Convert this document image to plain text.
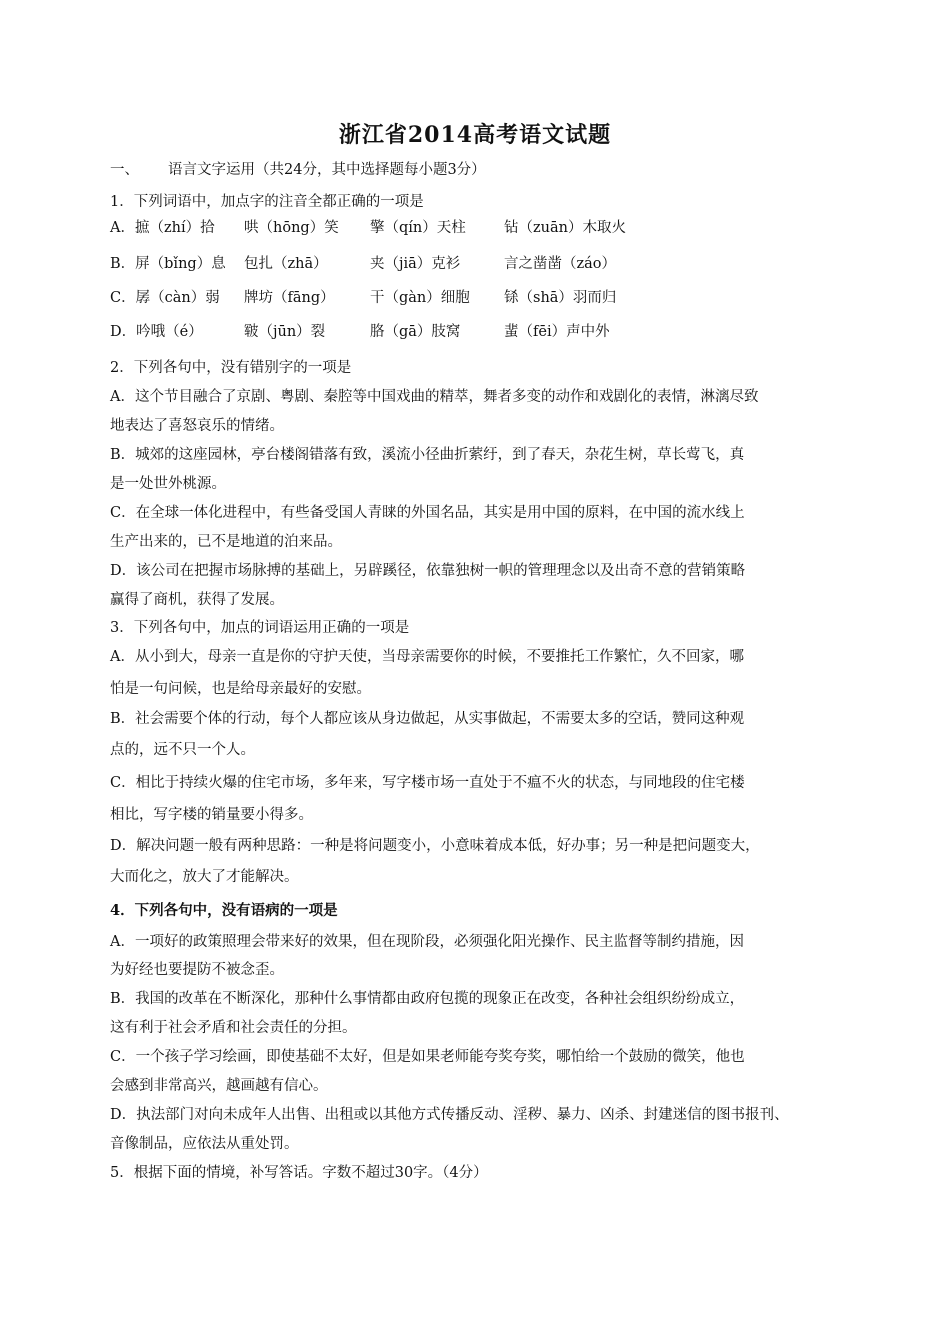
浙江省2014高考语文试题
一、 语言文字运用（共24分，其中选择题每小题3分）
1．下列词语中，加点字的注音全都正确的一项是
A．摭（zhí）拾 哄（hōng）笑 擎（qín）天柱	钻（zuān）木取火
B．屏（bǐng）息 包扎（zhā）	夹（jiā）克衫	言之凿凿（záo）
C．孱（càn）弱 牌坊（fāng） 干（gàn）细胞 铩（shā）羽而归
D．吟哦（é）	皲（jūn）裂	胳（gā）肢窝	蜚（fēi）声中外
2．下列各句中，没有错别字的一项是
A．这个节目融合了京剧、粤剧、秦腔等中国戏曲的精萃，舞者多变的动作和戏剧化的表情，淋漓尽致
地表达了喜怒哀乐的情绪。
B．城郊的这座园林，亭台楼阁错落有致，溪流小径曲折萦纡，到了春天，杂花生树，草长莺飞，真
是一处世外桃源。
C．在全球一体化进程中，有些备受国人青睐的外国名品，其实是用中国的原料，在中国的流水线上
生产出来的，已不是地道的泊来品。
D．该公司在把握市场脉搏的基础上，另辟蹊径，依靠独树一帜的管理理念以及出奇不意的营销策略
赢得了商机，获得了发展。
3．下列各句中，加点的词语运用正确的一项是
A．从小到大，母亲一直是你的守护天使，当母亲需要你的时候，不要推托工作繁忙，久不回家，哪
怕是一句问候，也是给母亲最好的安慰。
B．社会需要个体的行动，每个人都应该从身边做起，从实事做起，不需要太多的空话，赞同这种观
点的，远不只一个人。
C．相比于持续火爆的住宅市场，多年来，写字楼市场一直处于不瘟不火的状态，与同地段的住宅楼
相比，写字楼的销量要小得多。
D．解决问题一般有两种思路：一种是将问题变小，小意味着成本低，好办事；另一种是把问题变大，
大而化之，放大了才能解决。
4．下列各句中，没有语病的一项是
A．一项好的政策照理会带来好的效果，但在现阶段，必须强化阳光操作、民主监督等制约措施，因
为好经也要提防不被念歪。
B．我国的改革在不断深化，那种什么事情都由政府包揽的现象正在改变，各种社会组织纷纷成立，
这有利于社会矛盾和社会责任的分担。
C．一个孩子学习绘画，即使基础不太好，但是如果老师能夸奖夸奖，哪怕给一个鼓励的微笑，他也
会感到非常高兴，越画越有信心。
D．执法部门对向未成年人出售、出租或以其他方式传播反动、淫秽、暴力、凶杀、封建迷信的图书报刊、
音像制品，应依法从重处罚。
5．根据下面的情境，补写答话。字数不超过30字。（4分）
